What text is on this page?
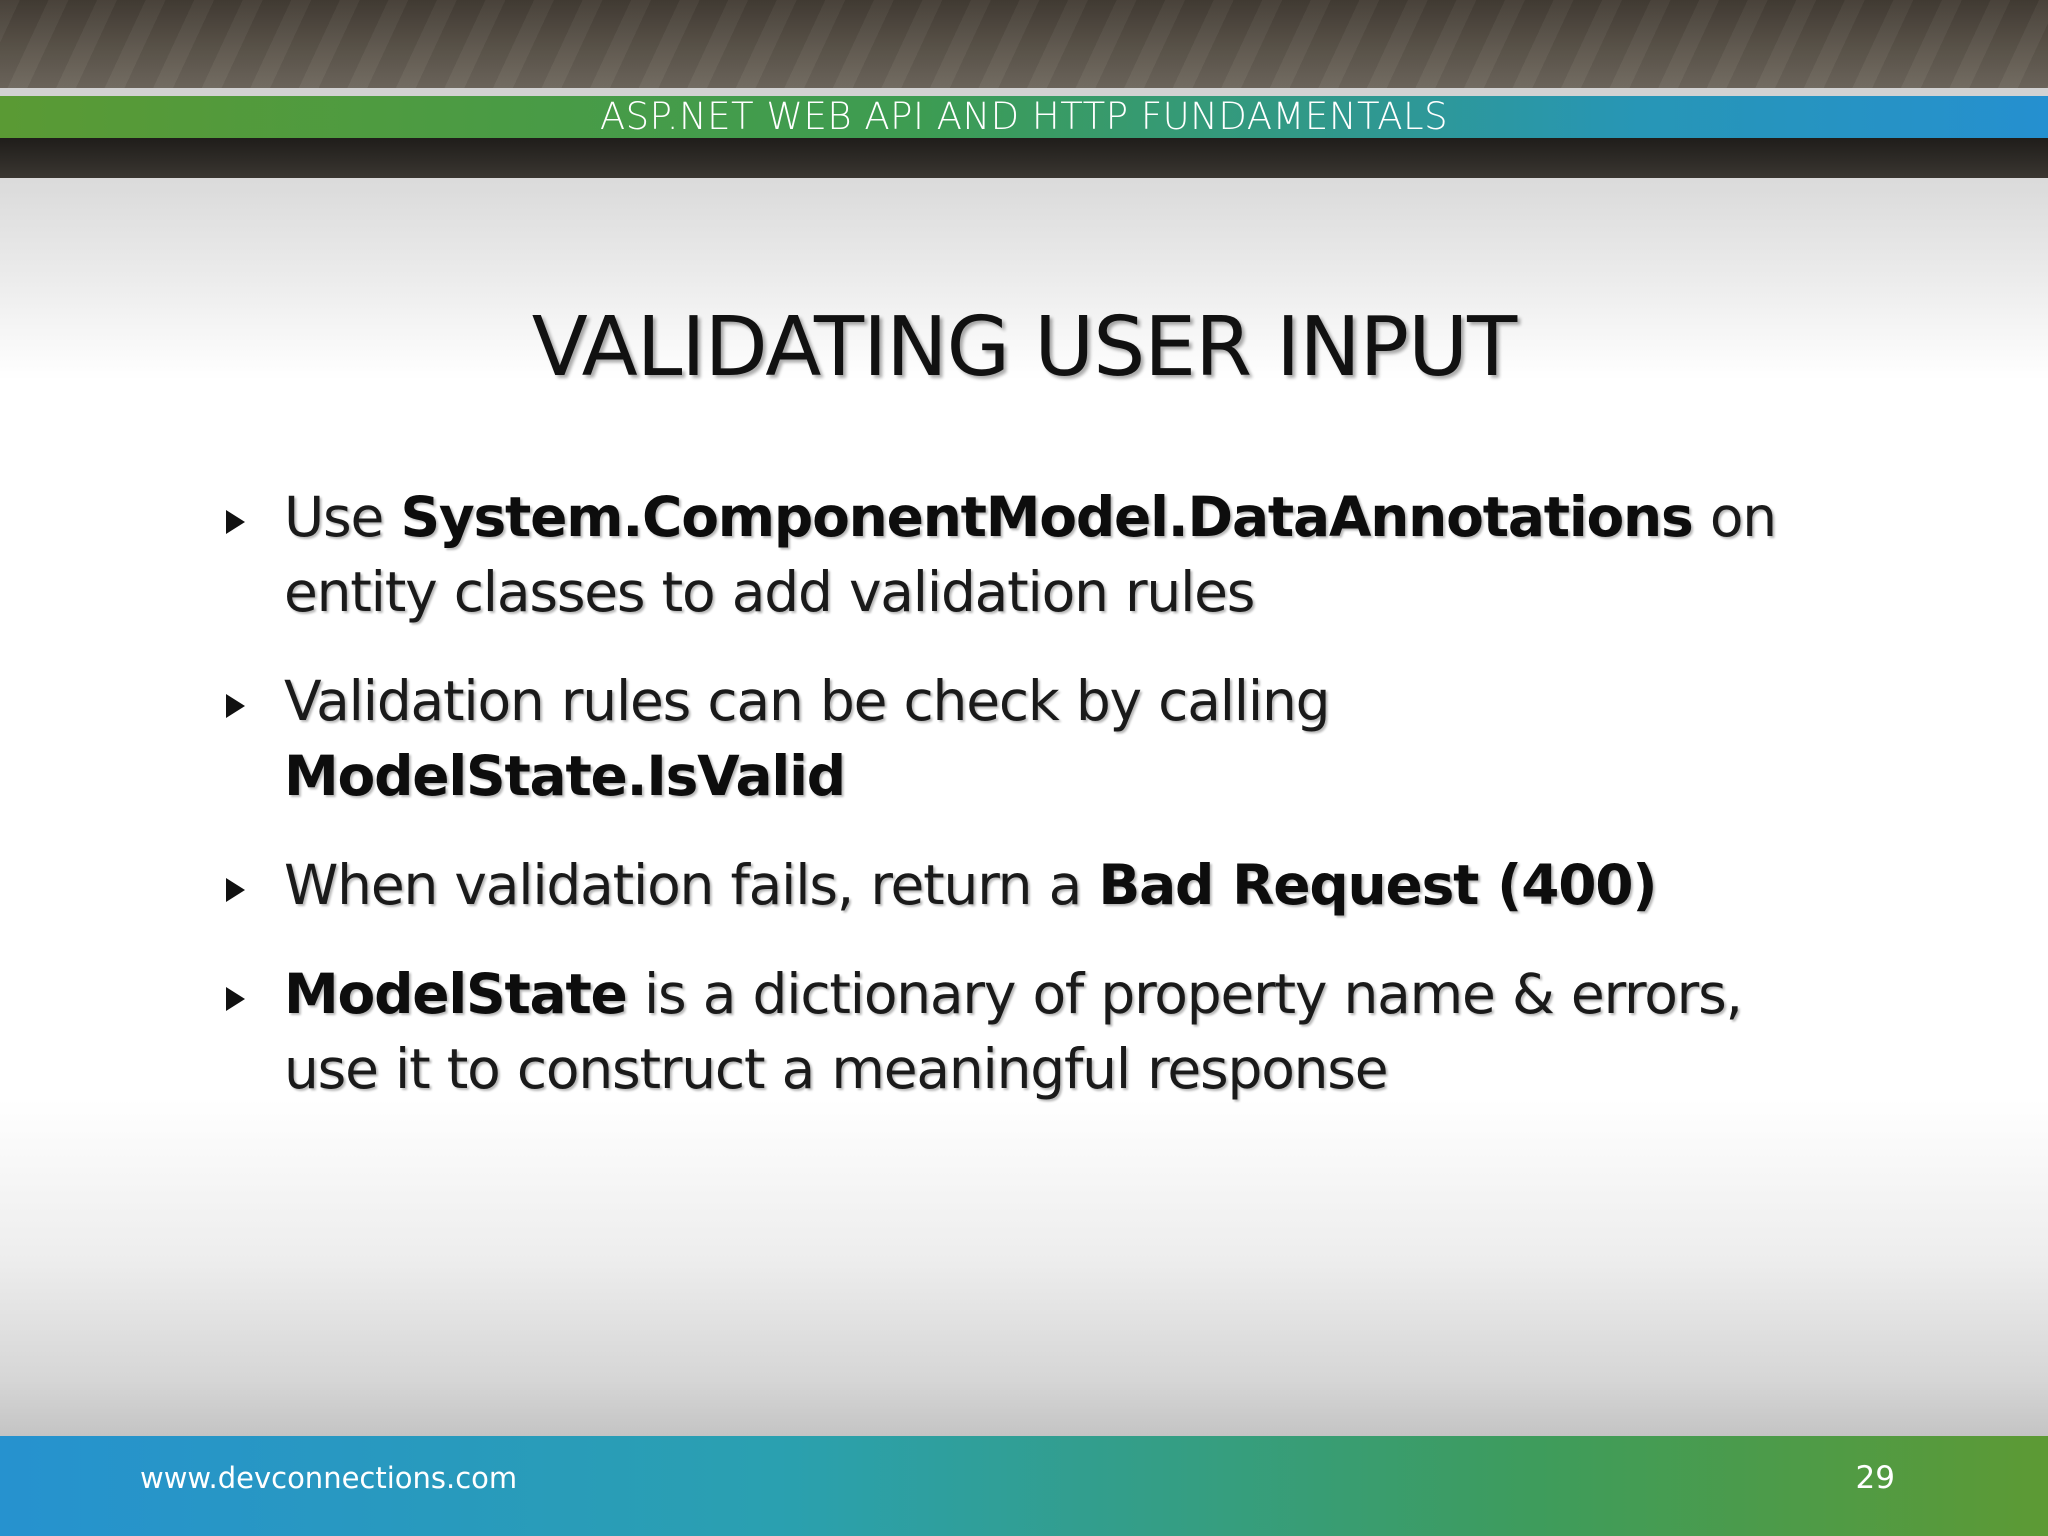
ASP.NET WEB API AND HTTP FUNDAMENTALS
VALIDATING USER INPUT
Use System.ComponentModel.DataAnnotations on entity classes to add validation rules
Validation rules can be check by calling ModelState.IsValid
When validation fails, return a Bad Request (400)
ModelState is a dictionary of property name & errors, use it to construct a meaningful response
www.devconnections.com	29
